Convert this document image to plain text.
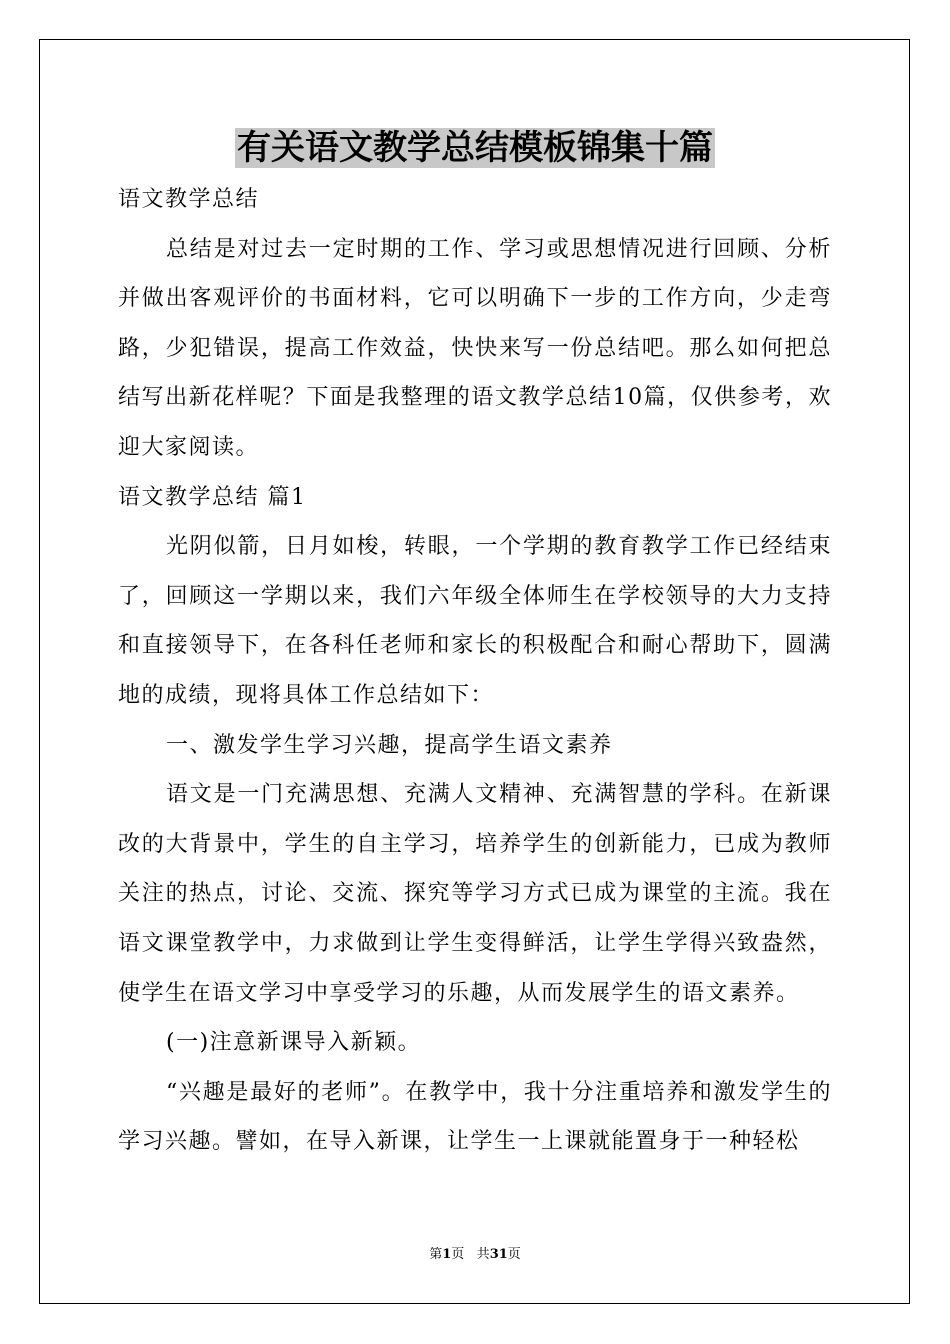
有关语文教学总结模板锦集十篇

语文教学总结

总结是对过去一定时期的工作、学习或思想情况进行回顾、分析并做出客观评价的书面材料，它可以明确下一步的工作方向，少走弯路，少犯错误，提高工作效益，快快来写一份总结吧。那么如何把总结写出新花样呢？下面是我整理的语文教学总结10篇，仅供参考，欢迎大家阅读。

语文教学总结 篇1

光阴似箭，日月如梭，转眼，一个学期的教育教学工作已经结束了，回顾这一学期以来，我们六年级全体师生在学校领导的大力支持和直接领导下，在各科任老师和家长的积极配合和耐心帮助下，圆满地的成绩，现将具体工作总结如下：

一、激发学生学习兴趣，提高学生语文素养

语文是一门充满思想、充满人文精神、充满智慧的学科。在新课改的大背景中，学生的自主学习，培养学生的创新能力，已成为教师关注的热点，讨论、交流、探究等学习方式已成为课堂的主流。我在语文课堂教学中，力求做到让学生变得鲜活，让学生学得兴致盎然，使学生在语文学习中享受学习的乐趣，从而发展学生的语文素养。

(一)注意新课导入新颖。

“兴趣是最好的老师”。在教学中，我十分注重培养和激发学生的学习兴趣。譬如，在导入新课，让学生一上课就能置身于一种轻松

第1页 共31页
